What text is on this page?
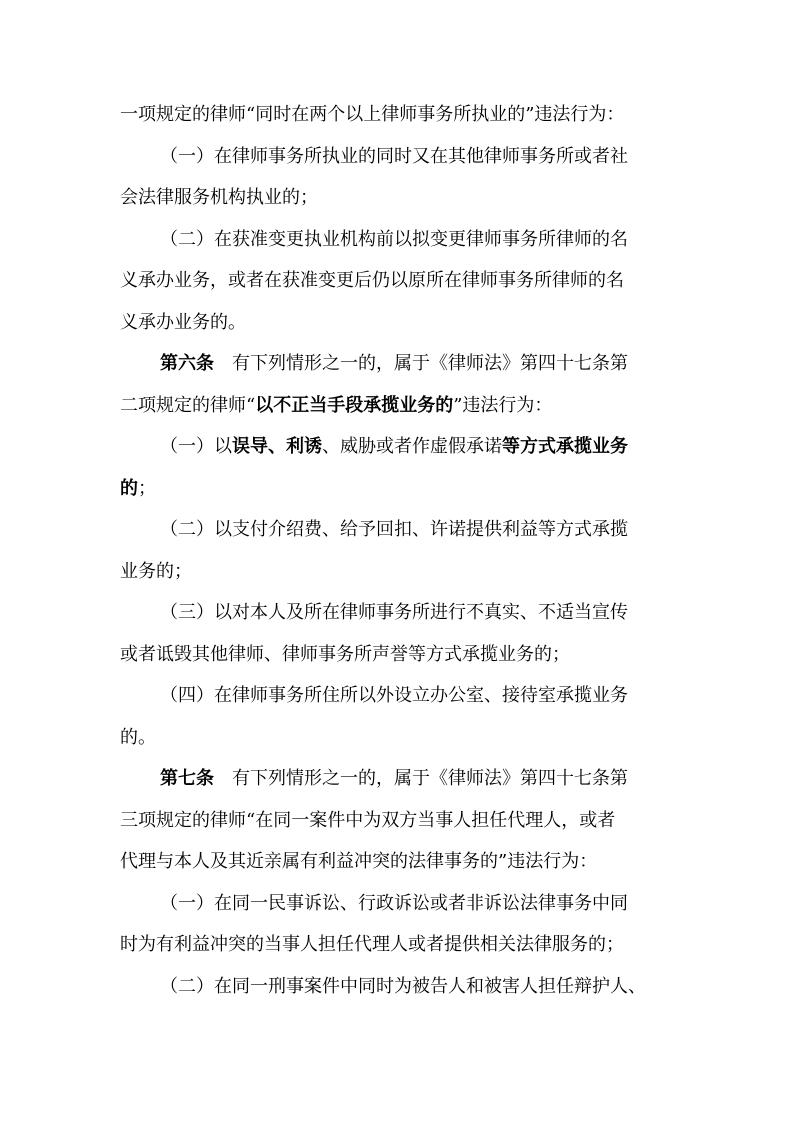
一项规定的律师“同时在两个以上律师事务所执业的”违法行为：
（一）在律师事务所执业的同时又在其他律师事务所或者社
会法律服务机构执业的；
（二）在获准变更执业机构前以拟变更律师事务所律师的名
义承办业务，或者在获准变更后仍以原所在律师事务所律师的名
义承办业务的。
第六条　有下列情形之一的，属于《律师法》第四十七条第
二项规定的律师“以不正当手段承揽业务的”违法行为：
（一）以误导、利诱、威胁或者作虚假承诺等方式承揽业务
的；
（二）以支付介绍费、给予回扣、许诺提供利益等方式承揽
业务的；
（三）以对本人及所在律师事务所进行不真实、不适当宣传
或者诋毁其他律师、律师事务所声誉等方式承揽业务的；
（四）在律师事务所住所以外设立办公室、接待室承揽业务
的。
第七条　有下列情形之一的，属于《律师法》第四十七条第
三项规定的律师“在同一案件中为双方当事人担任代理人，或者
代理与本人及其近亲属有利益冲突的法律事务的”违法行为：
（一）在同一民事诉讼、行政诉讼或者非诉讼法律事务中同
时为有利益冲突的当事人担任代理人或者提供相关法律服务的；
（二）在同一刑事案件中同时为被告人和被害人担任辩护人、
